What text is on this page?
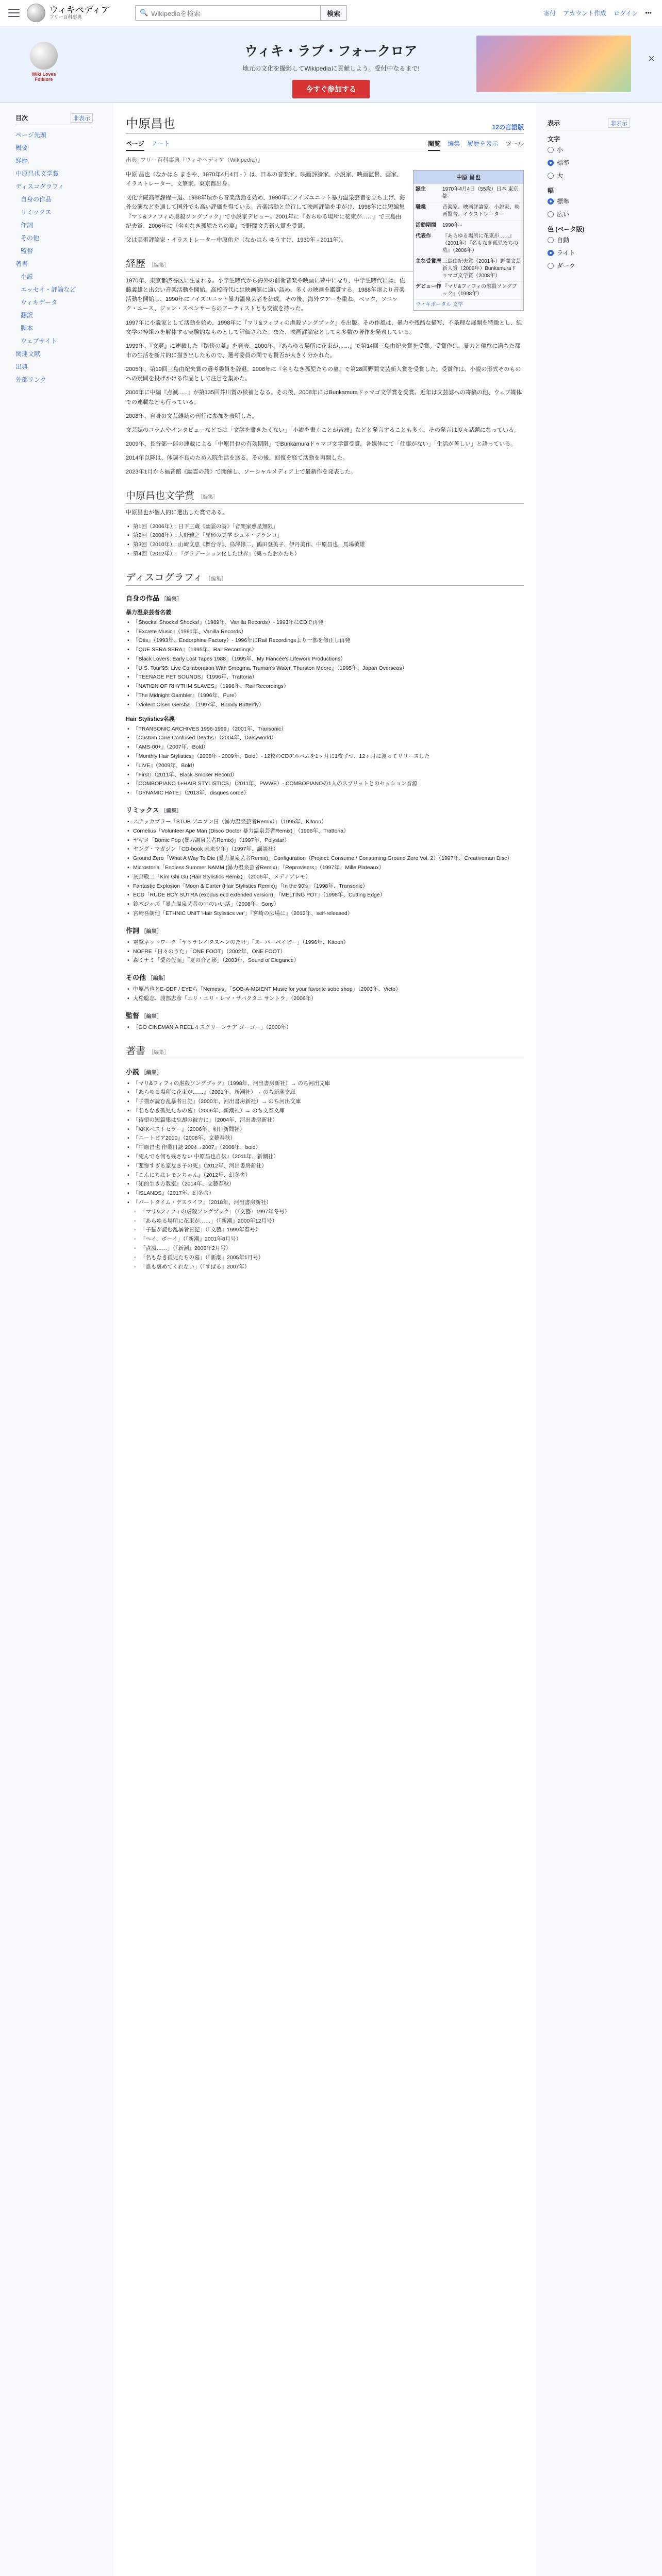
ウィキペディア
フリー百科事典
🔍 Wikipediaを検索	検索	寄付 アカウント作成 ログイン •••
Wiki Loves Folklore
ウィキ・ラブ・フォークロア
地元の文化を撮影してWikipediaに貢献しよう。受付中なるまで!
今すぐ参加する
×
目次	非表示
ページ先頭
概要
経歴
中原昌也文学賞
ディスコグラフィ
自身の作品
リミックス
作詞
その他
監督
著書
小説
エッセイ・評論など
ウィキデータ
翻訳
脚本
ウェブサイト
関連文献
出典
外部リンク
中原昌也	12の言語版
ページ ノート	閲覧 編集 履歴を表示 ツール
出典: フリー百科事典『ウィキペディア（Wikipedia）』
中原 昌也
誕生	1970年4月4日（55歳）日本 東京都
職業	音楽家、映画評論家、小説家、映画監督、イラストレーター
活動期間	1990年 -
代表作	『あらゆる場所に花束が……』（2001年）『名もなき孤児たちの墓』（2006年）
主な受賞歴 三島由紀夫賞（2001年）野間文芸新人賞（2006年）Bunkamuraドゥマゴ文学賞（2008年）
デビュー作 『マリ&フィフィの虐殺ソングブック』（1998年）
ウィキポータル 文学

中原 昌也（なかはら まさや、1970年4月4日 - ）は、日本の音楽家、映画評論家、小説家、映画監督、画家、イラストレーター、文筆家。東京都出身。

文化学院高等課程中退。1988年頃から音楽活動を始め、1990年にノイズユニット暴力温泉芸者を立ち上げ、海外公演などを通して国外でも高い評価を得ている。音楽活動と並行して映画評論を手がけ、1998年には短編集『マリ&フィフィの虐殺ソングブック』で小説家デビュー。2001年に『あらゆる場所に花束が……』で三島由紀夫賞、2006年に『名もなき孤児たちの墓』で野間文芸新人賞を受賞。

父は美術評論家・イラストレーター中原佑介（なかはら ゆうすけ、1930年 - 2011年）。

経歴 ［編集］

1970年、東京都渋谷区に生まれる。小学生時代から海外の前衛音楽や映画に夢中になり、中学生時代には、佐藤義雄と出会い音楽活動を開始。高校時代には映画館に通い詰め、多くの映画を鑑賞する。1988年頃より音楽活動を開始し、1990年にノイズユニット暴力温泉芸者を結成。その後、海外ツアーを重ね、ベック、ソニック・ユース、ジョン・スペンサーらのアーティストとも交流を持った。

1997年に小説家として活動を始め、1998年に『マリ&フィフィの虐殺ソングブック』を出版。その作風は、暴力や残酷な描写、不条理な展開を特徴とし、純文学の枠組みを解体する実験的なものとして評価された。また、映画評論家としても多数の著作を発表している。

1999年、『文藝』に連載した『路傍の墓』を発表。2000年、『あらゆる場所に花束が……』で第14回三島由紀夫賞を受賞。受賞作は、暴力と倦怠に満ちた都市の生活を断片的に描き出したもので、選考委員の間でも賛否が大きく分かれた。

2005年、第19回三島由紀夫賞の選考委員を辞退。2006年に『名もなき孤児たちの墓』で第28回野間文芸新人賞を受賞した。受賞作は、小説の形式そのものへの疑問を投げかける作品として注目を集めた。

2006年に中編『点滅......』が第135回芥川賞の候補となる。その後、2008年にはBunkamuraドゥマゴ文学賞を受賞。近年は文芸誌への寄稿の他、ウェブ媒体での連載なども行っている。

2008年、自身の文芸雑誌の刊行に参加を表明した。

文芸誌のコラムやインタビューなどでは「文学を書きたくない」「小説を書くことが苦痛」などと発言することも多く、その発言は度々話題になっている。

2009年、長谷部一郎の連載による「中原昌也の有効期限」でBunkamuraドゥマゴ文学賞受賞。各媒体にて「仕事がない」「生活が苦しい」と語っている。

2014年以降は、体調不良のため入院生活を送る。その後、回復を経て活動を再開した。

2023年1月から福音館《幽霊の詩》で開催し、ソーシャルメディア上で最新作を発表した。

中原昌也文学賞 ［編集］

中原昌也が個人的に選出した賞である。

• 第1回（2006年）: 日下三蔵《幽霊の詩》「音楽家惑星無限」
• 第2回（2008年）: 大野雅之「異形の美学 ジュネ・ブランコ」
• 第3回（2010年）: 山崎文恵《舞台寺》、鳥澤修二、鶴田登美子、伊丹美作、中原昌也、馬場敏雄
• 第4回（2012年）: 『グラデーション化した世界』（集ったおかたち）
ディスコグラフィ ［編集］
自身の作品 ［編集］
暴力温泉芸者名義
• 『Shocks! Shocks! Shocks!』（1989年、Vanilla Records）- 1993年にCDで再発
• 『Excrete Music』（1991年、Vanilla Records）
• 『Otis』（1993年、Endorphine Factory）- 1996年にRail Recordingsより一部を修正し再発
• 『QUE SERA SERA』（1995年、Rail Recordings）
• 『Black Lovers: Early Lost Tapes 1988』（1995年、My Fiancée's Lifework Productions）
• 『U.S. Tour'95: Live Collaboration With Smegma, Truman's Water, Thurston Moore』（1995年、Japan Overseas）
• 『TEENAGE PET SOUNDS』（1996年、Trattoria）
• 『NATION OF RHYTHM SLAVES』（1996年、Rail Recordings）
• 『The Midnight Gambler』（1996年、Pure）
• 『Violent Olsen Gersha』（1997年、Bloody Butterfly）
Hair Stylistics名義
• 『TRANSONIC ARCHIVES 1996-1999』（2001年、Transonic）
• 『Custom Cure Confused Deaths』（2004年、Daisyworld）
• 『AMS-00+』（2007年、Bold）
• 『Monthly Hair Stylistics』（2008年 - 2009年、Bold）- 12枚のCDアルバムを1ヶ月に1枚ずつ、12ヶ月に渡ってリリースした
• 『LIVE』（2009年、Bold）
• 『First』（2011年、Black Smoker Record）
• 『COMBOPIANO 1+HAIR STYLISTICS』（2011年、PWWE）- COMBOPIANOの1人のスプリットとのセッション音源
• 『DYNAMIC HATE』（2013年、disques corde）
リミックス ［編集］
• ステッカブラー「STUB アニソン日（暴力温泉芸者Remix）」（1995年、Kitoon）
• Cornelius「Volunteer Ape Man (Disco Doctor 暴力温泉芸者Remix)」（1996年、Trattoria）
• ヤギメ「Bomic Pop (暴力温泉芸者Remix)」（1997年、Polystar）
• ヤング・マガジン「CD-book 未来少年」（1997年、講談社）
• Ground Zero「What A Way To Die (暴力温泉芸者Remix)」Configuration（Project: Consume / Consuming Ground Zero Vol. 2）（1997年、Creativeman Disc）
• Microstoria「Endless Summer NAMM (暴力温泉芸者Remix)」『Reprovisers』（1997年、Mille Plateaux）
• 灰野敬二「Kim Ghi Gu (Hair Stylistics Remix)」（2006年、メディアレモ）
• Fantastic Explosion「Moon & Carter (Hair Stylistics Remix)」『In the 90's』（1998年、Transonic）
• ECD「RUDE BOY SUTRA (exodus ecd extended version)」『MELTING POT』（1998年、Cutting Edge）
• 鈴木ジャズ「暴力温泉芸者の中のいい話」（2008年、Sony）
• 宮崎吾朗他「ETHNIC UNIT 'Hair Stylistics ver'」『宮崎の広場に』（2012年、self-released）
作詞 ［編集］
• 電撃ネットワーク「ヤッテレイタスパンのたけ」「スーパーベイビー」（1996年、Kitoon）
• NOFRE「日々のうた」「ONE FOOT」（2002年、ONE FOOT）
• 森ミナミ「愛の仮面」「夏の音と影」（2003年、Sound of Elegance）
その他 ［編集］
• 中原昌也とE-ODF / EYEら「Nemesis」「SOB-A-MBIENT Music for your favorite sobe shop」（2003年、Victo）
• 大松聡志、渡部忠彦「エリ・エリ・レマ・サバクタニ サントラ」（2006年）
監督 ［編集］
• 「GO CINEMANIA REEL 4 スクリーンテア ゴーゴー」（2000年）
著書 ［編集］
小説 ［編集］
• 『マリ&フィフィの虐殺ソングブック』（1998年、河出書房新社）→ のち河出文庫
• 『あらゆる場所に花束が……』（2001年、新潮社）→ のち新潮文庫
• 『子猫が読む乱暴者日記』（2000年、河出書房新社）→ のち河出文庫
• 『名もなき孤児たちの墓』（2006年、新潮社）→ のち文春文庫
• 『待望の短篇集は忘却の彼方に』（2004年、河出書房新社）
• 『KKKベストセラー』（2006年、朝日新聞社）
• 『ニートピア2010』（2008年、文藝春秋）
• 『中原昌也 作業日誌 2004→2007』（2008年、boid）
• 『死んでも何も残さない 中原昌也自伝』（2011年、新潮社）
• 『悲惨すぎる家なき子の死』（2012年、河出書房新社）
• 『こんにちはレモンちゃん』（2012年、幻冬舎）
• 『知的生き方教室』（2014年、文藝春秋）
• 『ISLANDS』（2017年、幻冬舎）
• 『パートタイム・デスライフ』（2018年、河出書房新社）
◦ 「マリ&フィフィの虐殺ソングブック」（『文藝』1997年冬号）
◦ 「あらゆる場所に花束が……」（『新潮』2000年12月号）
◦ 「子猫が読む乱暴者日記」（『文藝』1999年春号）
◦ 「ヘイ、ボーイ」（『新潮』2001年8月号）
◦ 「点滅……」（『新潮』2006年2月号）
◦ 「名もなき孤児たちの墓」（『新潮』2005年1月号）
◦ 「誰も褒めてくれない」（『すばる』2007年）
表示	非表示
文字
小
標準
大
幅
標準
広い
色 (ベータ版)
自動
ライト
ダーク
